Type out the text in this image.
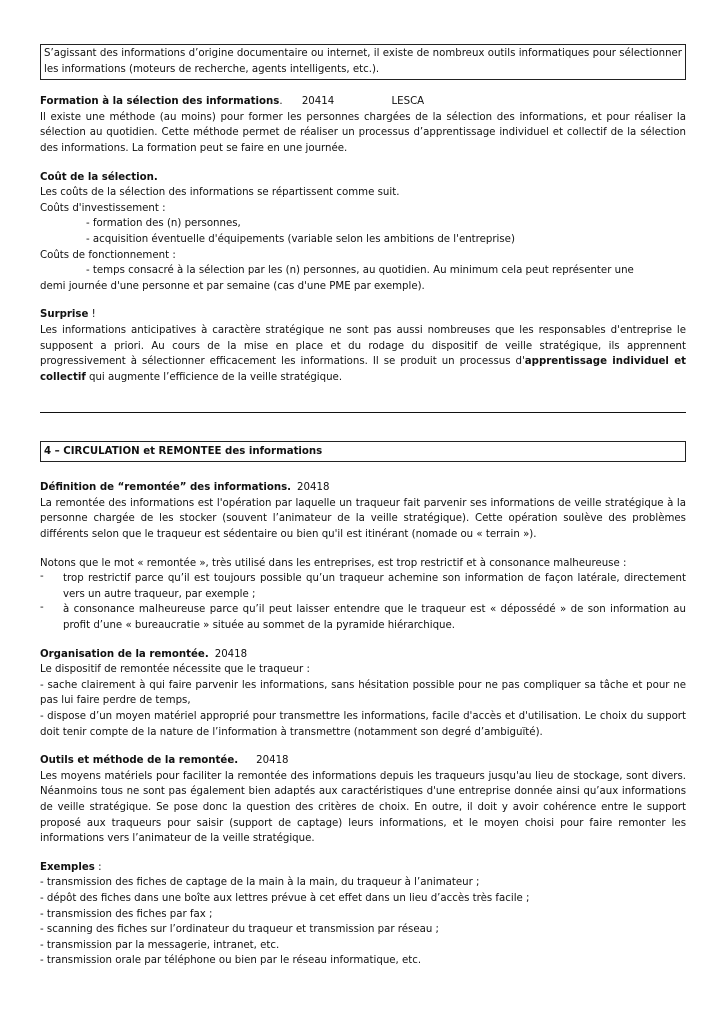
S’agissant des informations d’origine documentaire ou internet, il existe de nombreux outils informatiques pour sélectionner les informations (moteurs de recherche, agents intelligents, etc.).

Formation à la sélection des informations. 20414	LESCA

Il existe une méthode (au moins) pour former les personnes chargées de la sélection des informations, et pour réaliser la sélection au quotidien. Cette méthode permet de réaliser un processus d’apprentissage individuel et collectif de la sélection des informations. La formation peut se faire en une journée.

Coût de la sélection.

Les coûts de la sélection des informations se répartissent comme suit.

Coûts d'investissement :

- formation des (n) personnes,

- acquisition éventuelle d'équipements (variable selon les ambitions de l'entreprise)

Coûts de fonctionnement :

- temps consacré à la sélection par les (n) personnes, au quotidien. Au minimum cela peut représenter une

demi journée d'une personne et par semaine (cas d'une PME par exemple).

Surprise !

Les informations anticipatives à caractère stratégique ne sont pas aussi nombreuses que les responsables d'entreprise le supposent a priori. Au cours de la mise en place et du rodage du dispositif de veille stratégique, ils apprennent progressivement à sélectionner efficacement les informations. Il se produit un processus d'apprentissage individuel et collectif qui augmente l’efficience de la veille stratégique.

4 – CIRCULATION et REMONTEE des informations

Définition de “remontée” des informations. 20418

La remontée des informations est l'opération par laquelle un traqueur fait parvenir ses informations de veille stratégique à la personne chargée de les stocker (souvent l’animateur de la veille stratégique). Cette opération soulève des problèmes différents selon que le traqueur est sédentaire ou bien qu'il est itinérant (nomade ou « terrain »).

Notons que le mot « remontée », très utilisé dans les entreprises, est trop restrictif et à consonance malheureuse :

-	trop restrictif parce qu’il est toujours possible qu’un traqueur achemine son information de façon latérale, directement vers un autre traqueur, par exemple ;

-	à consonance malheureuse parce qu’il peut laisser entendre que le traqueur est « dépossédé » de son information au profit d’une « bureaucratie » située au sommet de la pyramide hiérarchique.

Organisation de la remontée. 20418

Le dispositif de remontée nécessite que le traqueur :

- sache clairement à qui faire parvenir les informations, sans hésitation possible pour ne pas compliquer sa tâche et pour ne pas lui faire perdre de temps,

- dispose d’un moyen matériel approprié pour transmettre les informations, facile d'accès et d'utilisation. Le choix du support doit tenir compte de la nature de l’information à transmettre (notamment son degré d’ambiguïté).

Outils et méthode de la remontée. 20418

Les moyens matériels pour faciliter la remontée des informations depuis les traqueurs jusqu'au lieu de stockage, sont divers. Néanmoins tous ne sont pas également bien adaptés aux caractéristiques d'une entreprise donnée ainsi qu’aux informations de veille stratégique. Se pose donc la question des critères de choix. En outre, il doit y avoir cohérence entre le support proposé aux traqueurs pour saisir (support de captage) leurs informations, et le moyen choisi pour faire remonter les informations vers l’animateur de la veille stratégique.

Exemples :

- transmission des fiches de captage de la main à la main, du traqueur à l’animateur ;

- dépôt des fiches dans une boîte aux lettres prévue à cet effet dans un lieu d’accès très facile ;

- transmission des fiches par fax ;

- scanning des fiches sur l’ordinateur du traqueur et transmission par réseau ;

- transmission par la messagerie, intranet, etc.

- transmission orale par téléphone ou bien par le réseau informatique, etc.
